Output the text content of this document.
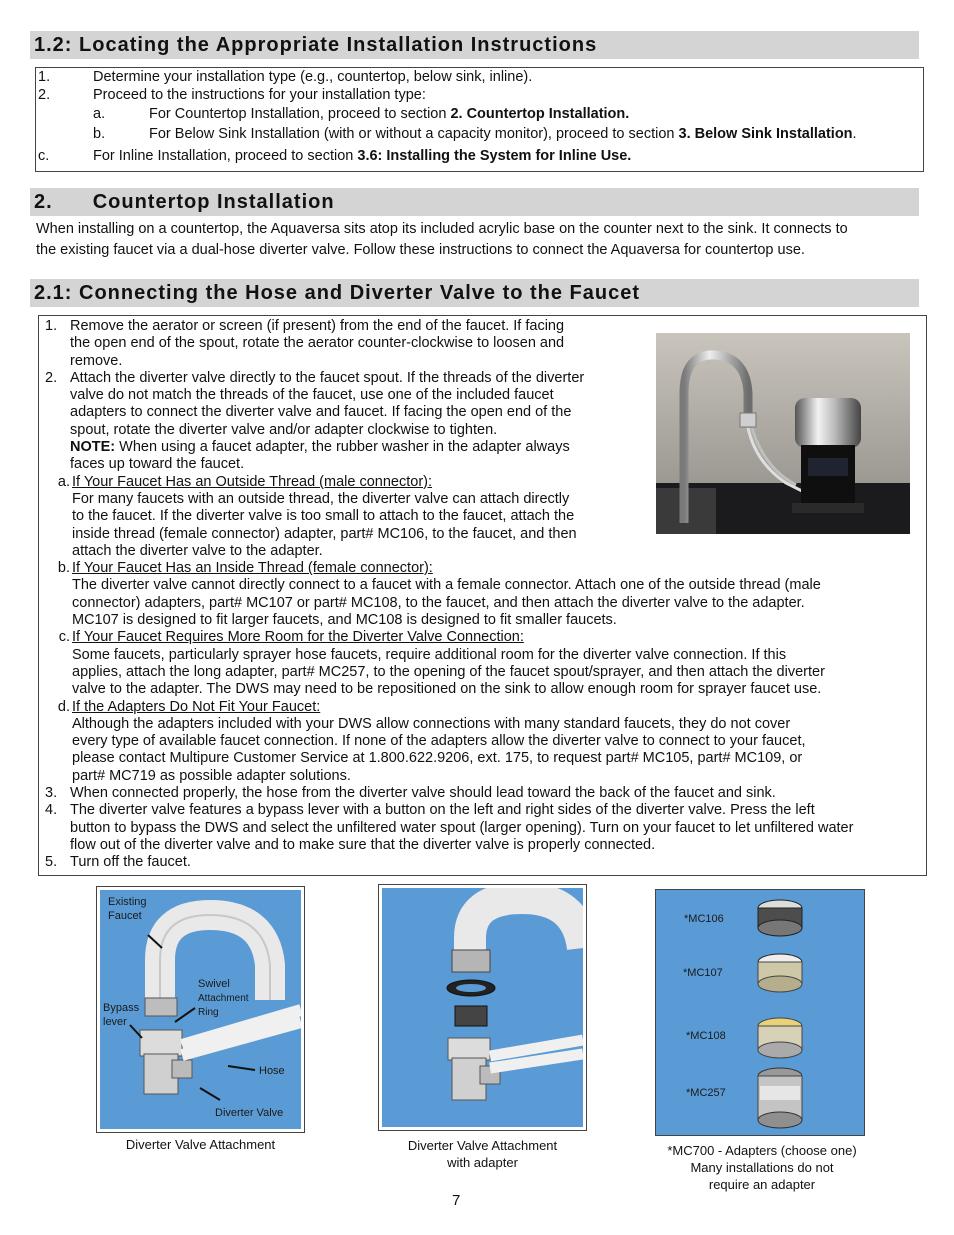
1.2: Locating the Appropriate Installation Instructions
1.	Determine your installation type (e.g., countertop, below sink, inline).
2.	Proceed to the instructions for your installation type:
a.	For Countertop Installation, proceed to section 2. Countertop Installation.
b.	For Below Sink Installation (with or without a capacity monitor), proceed to section 3. Below Sink Installation.
c.	For Inline Installation, proceed to section 3.6: Installing the System for Inline Use.
2. Countertop Installation
When installing on a countertop, the Aquaversa sits atop its included acrylic base on the counter next to the sink. It connects to
the existing faucet via a dual-hose diverter valve. Follow these instructions to connect the Aquaversa for countertop use.
2.1: Connecting the Hose and Diverter Valve to the Faucet
1. Remove the aerator or screen (if present) from the end of the faucet. If facing
the open end of the spout, rotate the aerator counter-clockwise to loosen and
remove.
2. Attach the diverter valve directly to the faucet spout. If the threads of the diverter
valve do not match the threads of the faucet, use one of the included faucet
adapters to connect the diverter valve and faucet. If facing the open end of the
spout, rotate the diverter valve and/or adapter clockwise to tighten.
NOTE: When using a faucet adapter, the rubber washer in the adapter always
faces up toward the faucet.
a. If Your Faucet Has an Outside Thread (male connector):
For many faucets with an outside thread, the diverter valve can attach directly
to the faucet. If the diverter valve is too small to attach to the faucet, attach the
inside thread (female connector) adapter, part# MC106, to the faucet, and then
attach the diverter valve to the adapter.
b. If Your Faucet Has an Inside Thread (female connector):
The diverter valve cannot directly connect to a faucet with a female connector. Attach one of the outside thread (male
connector) adapters, part# MC107 or part# MC108, to the faucet, and then attach the diverter valve to the adapter.
MC107 is designed to fit larger faucets, and MC108 is designed to fit smaller faucets.
c. If Your Faucet Requires More Room for the Diverter Valve Connection:
Some faucets, particularly sprayer hose faucets, require additional room for the diverter valve connection. If this
applies, attach the long adapter, part# MC257, to the opening of the faucet spout/sprayer, and then attach the diverter
valve to the adapter. The DWS may need to be repositioned on the sink to allow enough room for sprayer faucet use.
d. If the Adapters Do Not Fit Your Faucet:
Although the adapters included with your DWS allow connections with many standard faucets, they do not cover
every type of available faucet connection. If none of the adapters allow the diverter valve to connect to your faucet,
please contact Multipure Customer Service at 1.800.622.9206, ext. 175, to request part# MC105, part# MC109, or
part# MC719 as possible adapter solutions.
3. When connected properly, the hose from the diverter valve should lead toward the back of the faucet and sink.
4. The diverter valve features a bypass lever with a button on the left and right sides of the diverter valve. Press the left
button to bypass the DWS and select the unfiltered water spout (larger opening). Turn on your faucet to let unfiltered water
flow out of the diverter valve and to make sure that the diverter valve is properly connected.
5. Turn off the faucet.
Existing
Faucet
Swivel
Attachment
Ring
Bypass
lever
Hose
Diverter Valve
Diverter Valve Attachment	Diverter Valve Attachment
with adapter
*MC106
*MC107
*MC108
*MC257
*MC700 - Adapters (choose one)
Many installations do not
require an adapter
7
